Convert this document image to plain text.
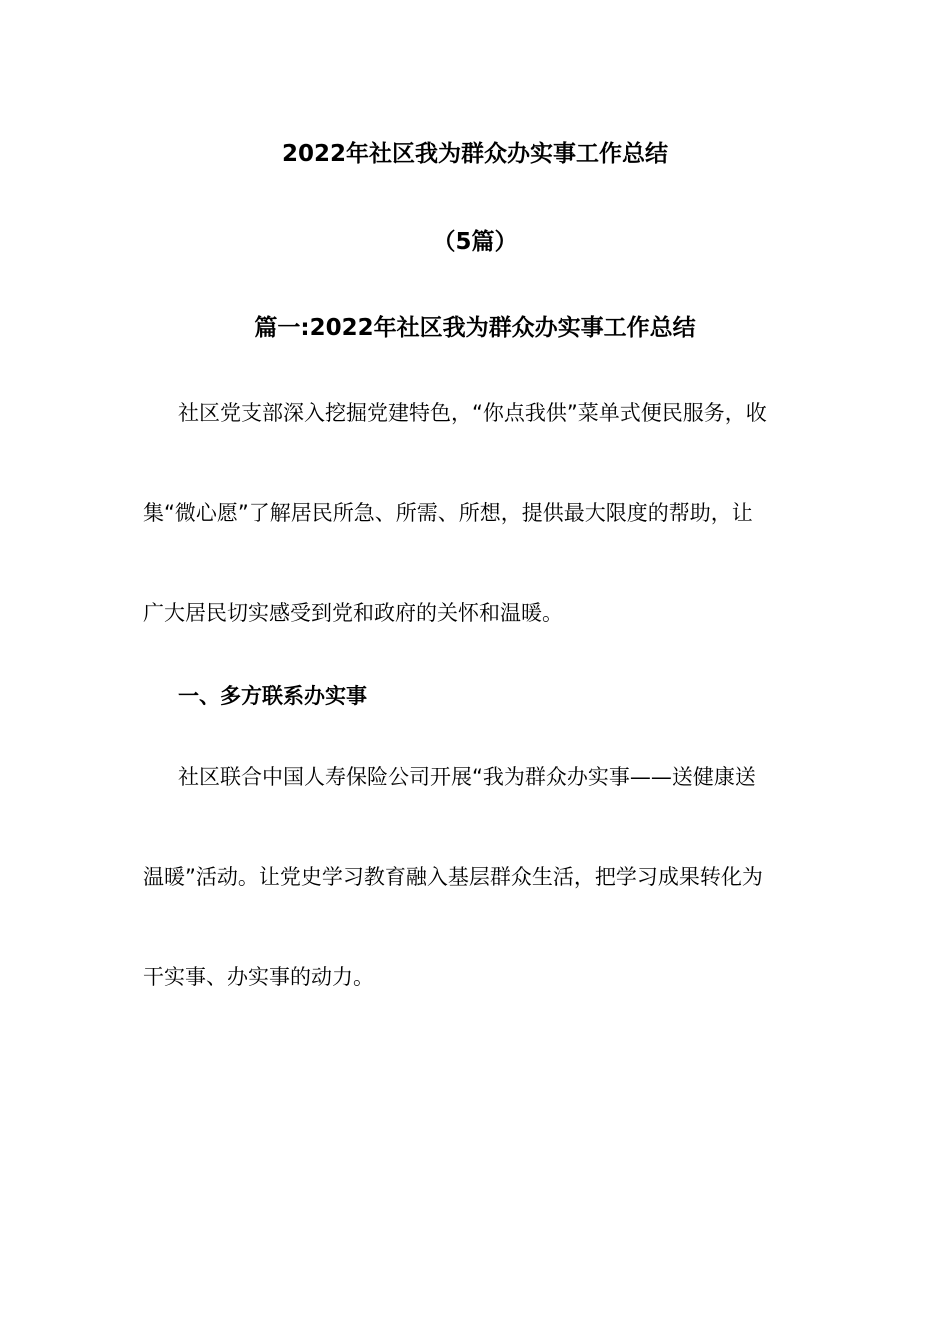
2022年社区我为群众办实事工作总结
（5篇）
篇一:2022年社区我为群众办实事工作总结
社区党支部深入挖掘党建特色，“你点我供”菜单式便民服务，收
集“微心愿”了解居民所急、所需、所想，提供最大限度的帮助，让
广大居民切实感受到党和政府的关怀和温暖。
一、多方联系办实事
社区联合中国人寿保险公司开展“我为群众办实事——送健康送
温暖”活动。让党史学习教育融入基层群众生活，把学习成果转化为
干实事、办实事的动力。
